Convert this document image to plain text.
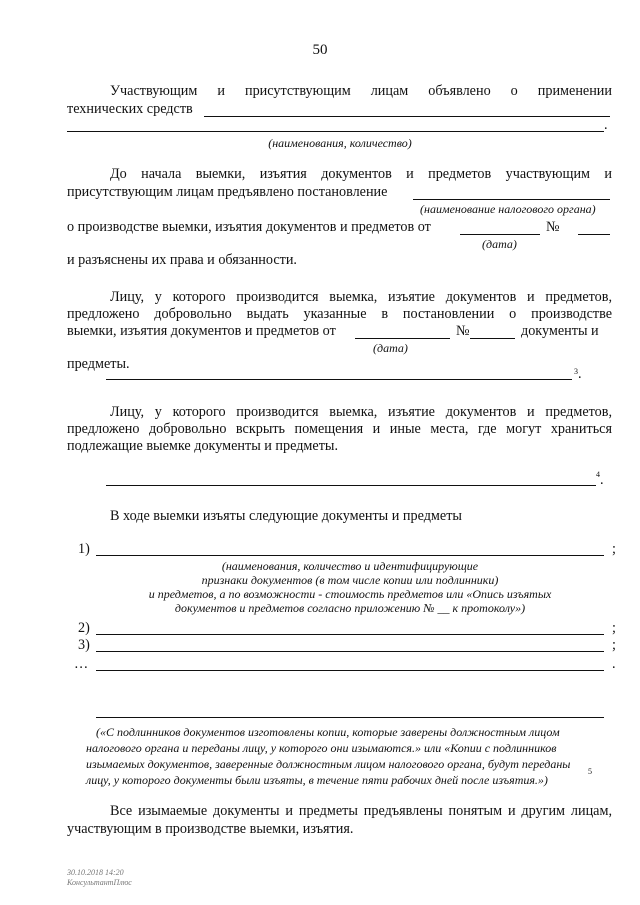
50
Участвующим и присутствующим лицам объявлено о применении
технических средств
.
(наименования, количество)
До начала выемки, изъятия документов и предметов участвующим и
присутствующим лицам предъявлено постановление
(наименование налогового органа)
о производстве выемки, изъятия документов и предметов от	№
(дата)
и разъяснены их права и обязанности.
Лицу, у которого производится выемка, изъятие документов и предметов,
предложено добровольно выдать указанные в постановлении о производстве
выемки, изъятия документов и предметов от	№	документы и
(дата)
предметы.	3 .
Лицу, у которого производится выемка, изъятие документов и предметов,
предложено добровольно вскрыть помещения и иные места, где могут храниться
подлежащие выемке документы и предметы.
4 .
В ходе выемки изъяты следующие документы и предметы
1)	;
(наименования, количество и идентифицирующие
признаки документов (в том числе копии или подлинники)
и предметов, а по возможности - стоимость предметов или «Опись изъятых
документов и предметов согласно приложению № __ к протоколу»)
2)	;
3)	;
…	.
(«С подлинников документов изготовлены копии, которые заверены должностным лицом
налогового органа и переданы лицу, у которого они изымаются.» или «Копии с подлинников
изымаемых документов, заверенные должностным лицом налогового органа, будут переданы
лицу, у которого документы были изъяты, в течение пяти рабочих дней после изъятия.»)
5
Все изымаемые документы и предметы предъявлены понятым и другим лицам,
участвующим в производстве выемки, изъятия.
30.10.2018 14:20
КонсультантПлюс
